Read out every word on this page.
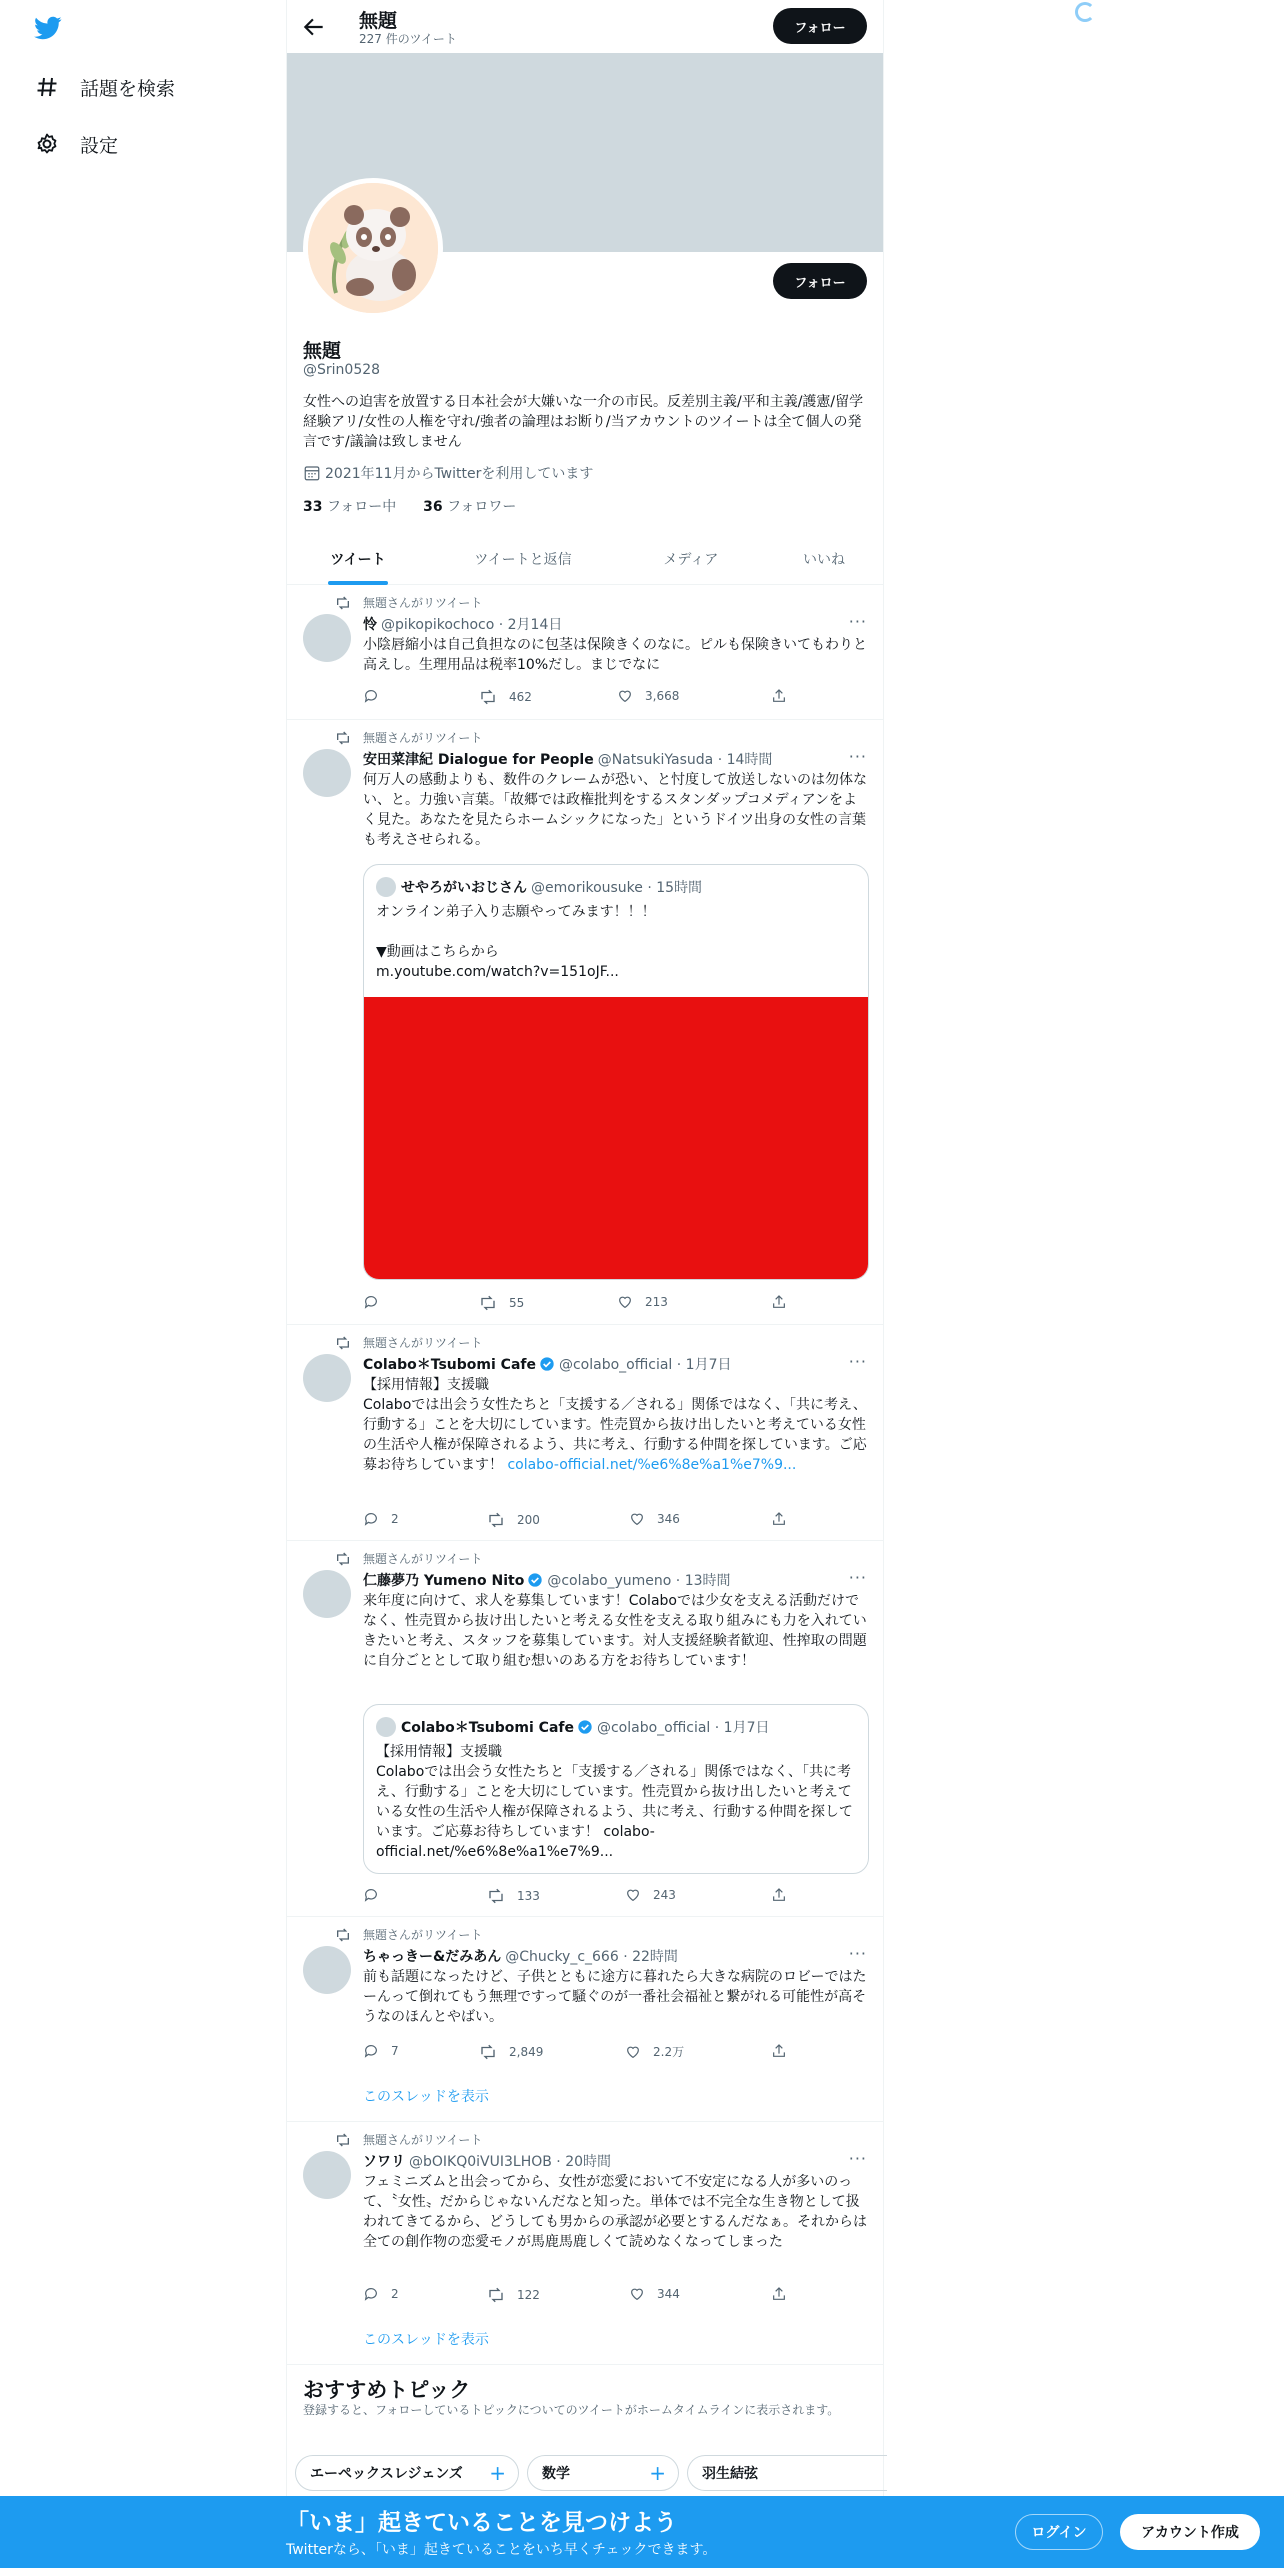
話題を検索
設定
無題
227 件のツイート
フォロー
フォロー
無題
@Srin0528
女性への迫害を放置する日本社会が大嫌いな一介の市民。反差別主義/平和主義/護憲/留学経験アリ/女性の人権を守れ/強者の論理はお断り/当アカウントのツイートは全て個人の発言です/議論は致しません
2021年11月からTwitterを利用しています
33 フォロー中 36 フォロワー
ツイート	ツイートと返信	メディア	いいね
無題さんがリツイート
怜 @pikopikochoco · 2月14日	···
小陰唇縮小は自己負担なのに包茎は保険きくのなに。ピルも保険きいてもわりと高えし。生理用品は税率10%だし。まじでなに
462	3,668
無題さんがリツイート
安田菜津紀 Dialogue for People @NatsukiYasuda · 14時間	···
何万人の感動よりも、数件のクレームが恐い、と忖度して放送しないのは勿体ない、と。力強い言葉。「故郷では政権批判をするスタンダップコメディアンをよく見た。あなたを見たらホームシックになった」というドイツ出身の女性の言葉も考えさせられる。
せやろがいおじさん @emorikousuke · 15時間
オンライン弟子入り志願やってみます！！！

▼動画はこちらから
m.youtube.com/watch?v=151oJF...
55	213
無題さんがリツイート
Colabo＊Tsubomi Cafe @colabo_official · 1月7日	···
【採用情報】支援職
Colaboでは出会う女性たちと「支援する／される」関係ではなく、「共に考え、行動する」ことを大切にしています。性売買から抜け出したいと考えている女性の生活や人権が保障されるよう、共に考え、行動する仲間を探しています。ご応募お待ちしています！ colabo-official.net/%e6%8e%a1%e7%9...
2	200	346
無題さんがリツイート
仁藤夢乃 Yumeno Nito @colabo_yumeno · 13時間	···
来年度に向けて、求人を募集しています！Colaboでは少女を支える活動だけでなく、性売買から抜け出したいと考える女性を支える取り組みにも力を入れていきたいと考え、スタッフを募集しています。対人支援経験者歓迎、性搾取の問題に自分ごととして取り組む想いのある方をお待ちしています！
Colabo＊Tsubomi Cafe @colabo_official · 1月7日
【採用情報】支援職
Colaboでは出会う女性たちと「支援する／される」関係ではなく、「共に考え、行動する」ことを大切にしています。性売買から抜け出したいと考えている女性の生活や人権が保障されるよう、共に考え、行動する仲間を探しています。ご応募お待ちしています！ colabo-official.net/%e6%8e%a1%e7%9...
133	243
無題さんがリツイート
ちゃっきー&だみあん @Chucky_c_666 · 22時間	···
前も話題になったけど、子供とともに途方に暮れたら大きな病院のロビーではたーんって倒れてもう無理ですって騒ぐのが一番社会福祉と繋がれる可能性が高そうなのほんとやばい。
7	2,849	2.2万
このスレッドを表示
無題さんがリツイート
ソワリ @bOIKQ0iVUI3LHOB · 20時間	···
フェミニズムと出会ってから、女性が恋愛において不安定になる人が多いのって、〝女性〟だからじゃないんだなと知った。単体では不完全な生き物として扱われてきてるから、どうしても男からの承認が必要とするんだなぁ。それからは全ての創作物の恋愛モノが馬鹿馬鹿しくて読めなくなってしまった
2	122	344
このスレッドを表示
おすすめトピック
登録すると、フォローしているトピックについてのツイートがホームタイムラインに表示されます。
エーペックスレジェンズ +	数学	+	羽生結弦
「いま」起きていることを見つけよう
Twitterなら、「いま」起きていることをいち早くチェックできます。
ログイン	アカウント作成
